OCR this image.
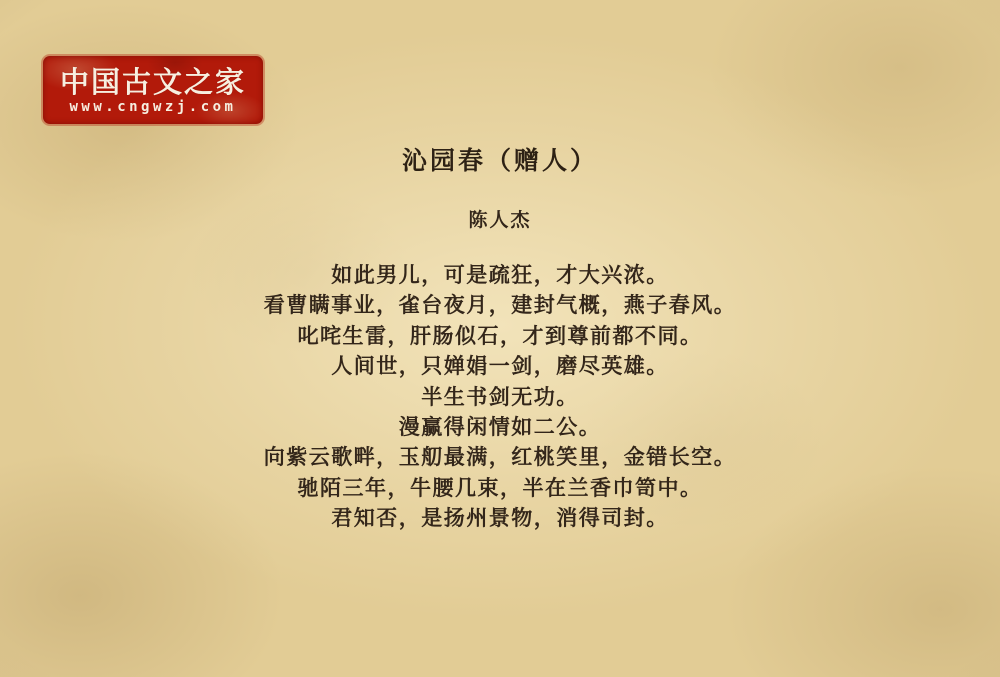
中国古文之家
www.cngwzj.com
沁园春（赠人）
陈人杰
如此男儿，可是疏狂，才大兴浓。
看曹瞒事业，雀台夜月，建封气概，燕子春风。
叱咤生雷，肝肠似石，才到尊前都不同。
人间世，只婵娟一剑，磨尽英雄。
半生书剑无功。
漫赢得闲情如二公。
向紫云歌畔，玉舠最满，红桃笑里，金错长空。
驰陌三年，牛腰几束，半在兰香巾笥中。
君知否，是扬州景物，消得司封。
